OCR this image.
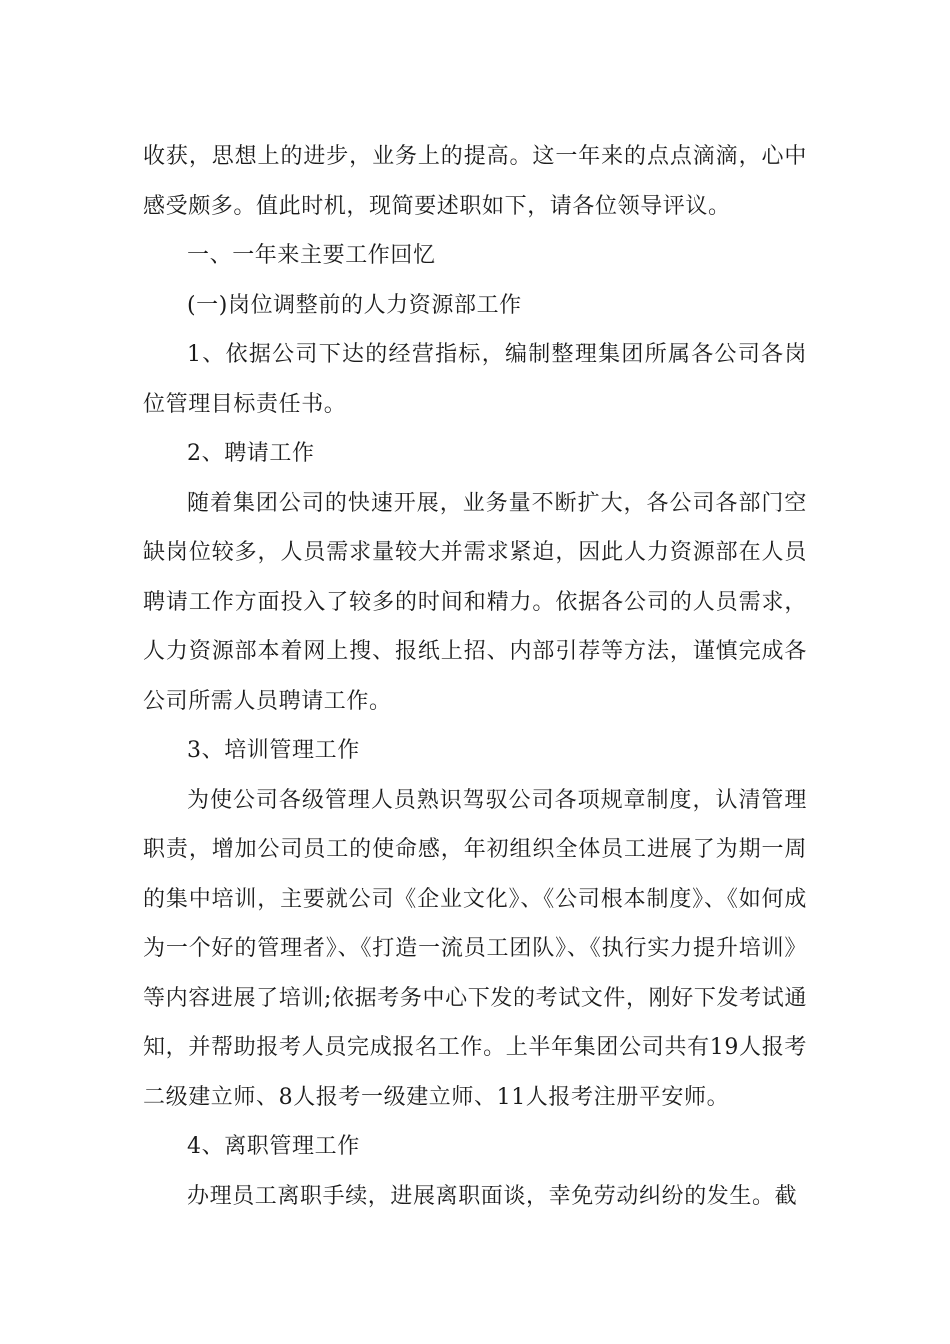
收获，思想上的进步，业务上的提高。这一年来的点点滴滴，心中感受颇多。值此时机，现简要述职如下，请各位领导评议。

一、一年来主要工作回忆

(一)岗位调整前的人力资源部工作

1、依据公司下达的经营指标，编制整理集团所属各公司各岗位管理目标责任书。

2、聘请工作

随着集团公司的快速开展，业务量不断扩大，各公司各部门空缺岗位较多，人员需求量较大并需求紧迫，因此人力资源部在人员聘请工作方面投入了较多的时间和精力。依据各公司的人员需求，人力资源部本着网上搜、报纸上招、内部引荐等方法，谨慎完成各公司所需人员聘请工作。

3、培训管理工作

为使公司各级管理人员熟识驾驭公司各项规章制度，认清管理职责，增加公司员工的使命感，年初组织全体员工进展了为期一周的集中培训，主要就公司《企业文化》、《公司根本制度》、《如何成为一个好的管理者》、《打造一流员工团队》、《执行实力提升培训》等内容进展了培训;依据考务中心下发的考试文件，刚好下发考试通知，并帮助报考人员完成报名工作。上半年集团公司共有19人报考二级建立师、8人报考一级建立师、11人报考注册平安师。

4、离职管理工作

办理员工离职手续，进展离职面谈，幸免劳动纠纷的发生。截
